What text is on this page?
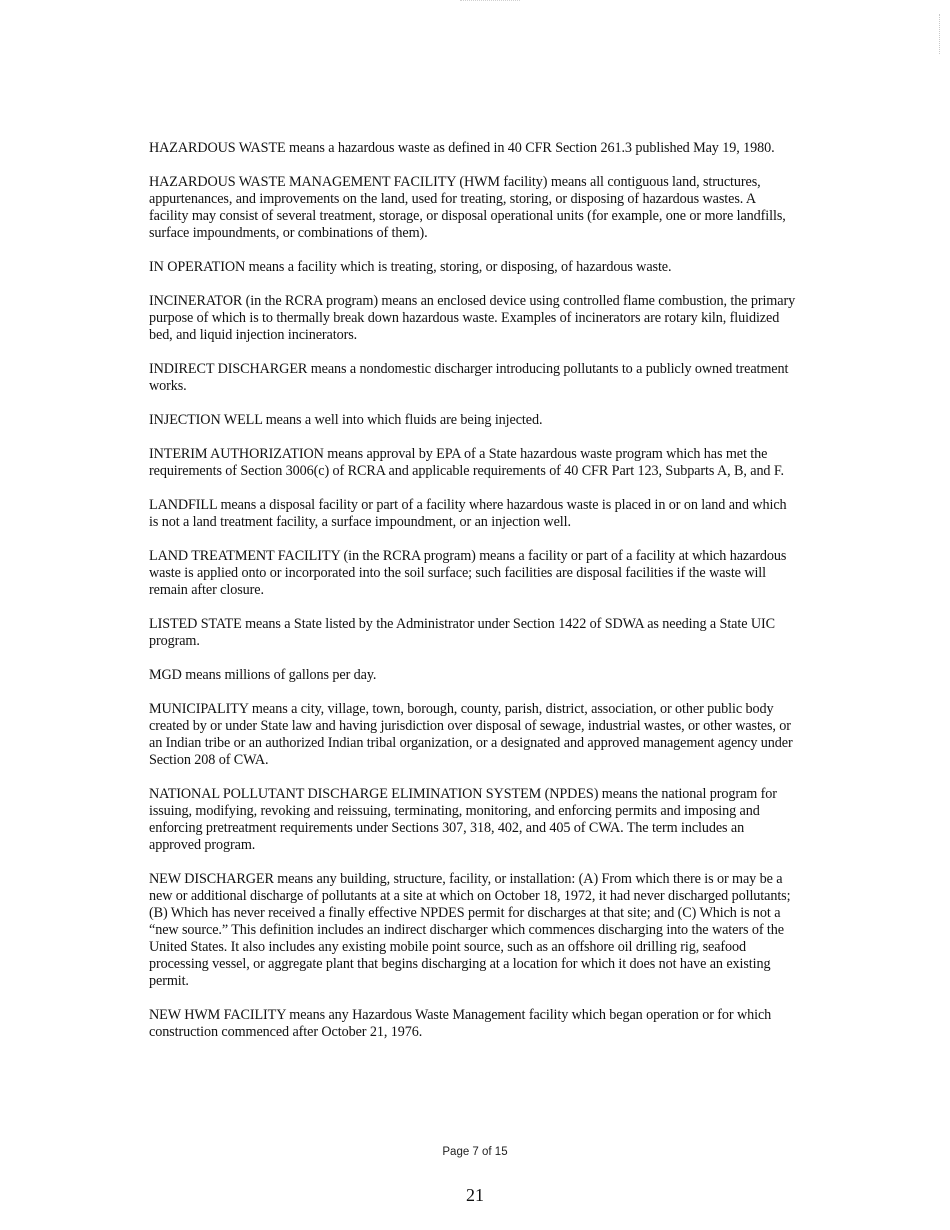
HAZARDOUS WASTE means a hazardous waste as defined in 40 CFR Section 261.3 published May 19, 1980.

HAZARDOUS WASTE MANAGEMENT FACILITY (HWM facility) means all contiguous land, structures, appurtenances, and improvements on the land, used for treating, storing, or disposing of hazardous wastes. A facility may consist of several treatment, storage, or disposal operational units (for example, one or more landfills, surface impoundments, or combinations of them).

IN OPERATION means a facility which is treating, storing, or disposing, of hazardous waste.

INCINERATOR (in the RCRA program) means an enclosed device using controlled flame combustion, the primary purpose of which is to thermally break down hazardous waste. Examples of incinerators are rotary kiln, fluidized bed, and liquid injection incinerators.

INDIRECT DISCHARGER means a nondomestic discharger introducing pollutants to a publicly owned treatment works.

INJECTION WELL means a well into which fluids are being injected.

INTERIM AUTHORIZATION means approval by EPA of a State hazardous waste program which has met the requirements of Section 3006(c) of RCRA and applicable requirements of 40 CFR Part 123, Subparts A, B, and F.

LANDFILL means a disposal facility or part of a facility where hazardous waste is placed in or on land and which is not a land treatment facility, a surface impoundment, or an injection well.

LAND TREATMENT FACILITY (in the RCRA program) means a facility or part of a facility at which hazardous waste is applied onto or incorporated into the soil surface; such facilities are disposal facilities if the waste will remain after closure.

LISTED STATE means a State listed by the Administrator under Section 1422 of SDWA as needing a State UIC program.

MGD means millions of gallons per day.

MUNICIPALITY means a city, village, town, borough, county, parish, district, association, or other public body created by or under State law and having jurisdiction over disposal of sewage, industrial wastes, or other wastes, or an Indian tribe or an authorized Indian tribal organization, or a designated and approved management agency under Section 208 of CWA.

NATIONAL POLLUTANT DISCHARGE ELIMINATION SYSTEM (NPDES) means the national program for issuing, modifying, revoking and reissuing, terminating, monitoring, and enforcing permits and imposing and enforcing pretreatment requirements under Sections 307, 318, 402, and 405 of CWA. The term includes an approved program.

NEW DISCHARGER means any building, structure, facility, or installation: (A) From which there is or may be a new or additional discharge of pollutants at a site at which on October 18, 1972, it had never discharged pollutants; (B) Which has never received a finally effective NPDES permit for discharges at that site; and (C) Which is not a “new source.” This definition includes an indirect discharger which commences discharging into the waters of the United States. It also includes any existing mobile point source, such as an offshore oil drilling rig, seafood processing vessel, or aggregate plant that begins discharging at a location for which it does not have an existing permit.

NEW HWM FACILITY means any Hazardous Waste Management facility which began operation or for which construction commenced after October 21, 1976.

Page 7 of 15
21
